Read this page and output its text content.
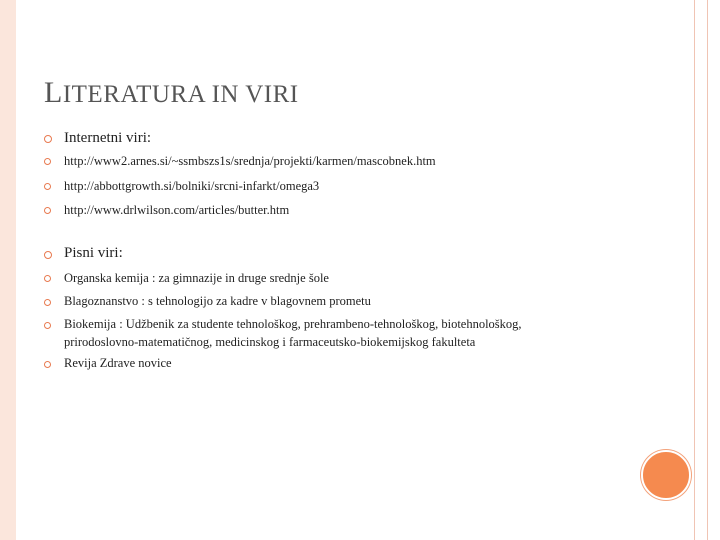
LITERATURA IN VIRI
Internetni viri:
http://www2.arnes.si/~ssmbszs1s/srednja/projekti/karmen/mascobnek.htm
http://abbottgrowth.si/bolniki/srcni-infarkt/omega3
http://www.drlwilson.com/articles/butter.htm
Pisni viri:
Organska kemija : za gimnazije in druge srednje šole
Blagoznanstvo : s tehnologijo za kadre v blagovnem prometu
Biokemija : Udžbenik za studente tehnološkog, prehrambeno-tehnološkog, biotehnološkog, prirodoslovno-matematičnog, medicinskog i farmaceutsko-biokemijskog fakulteta
Revija Zdrave novice
